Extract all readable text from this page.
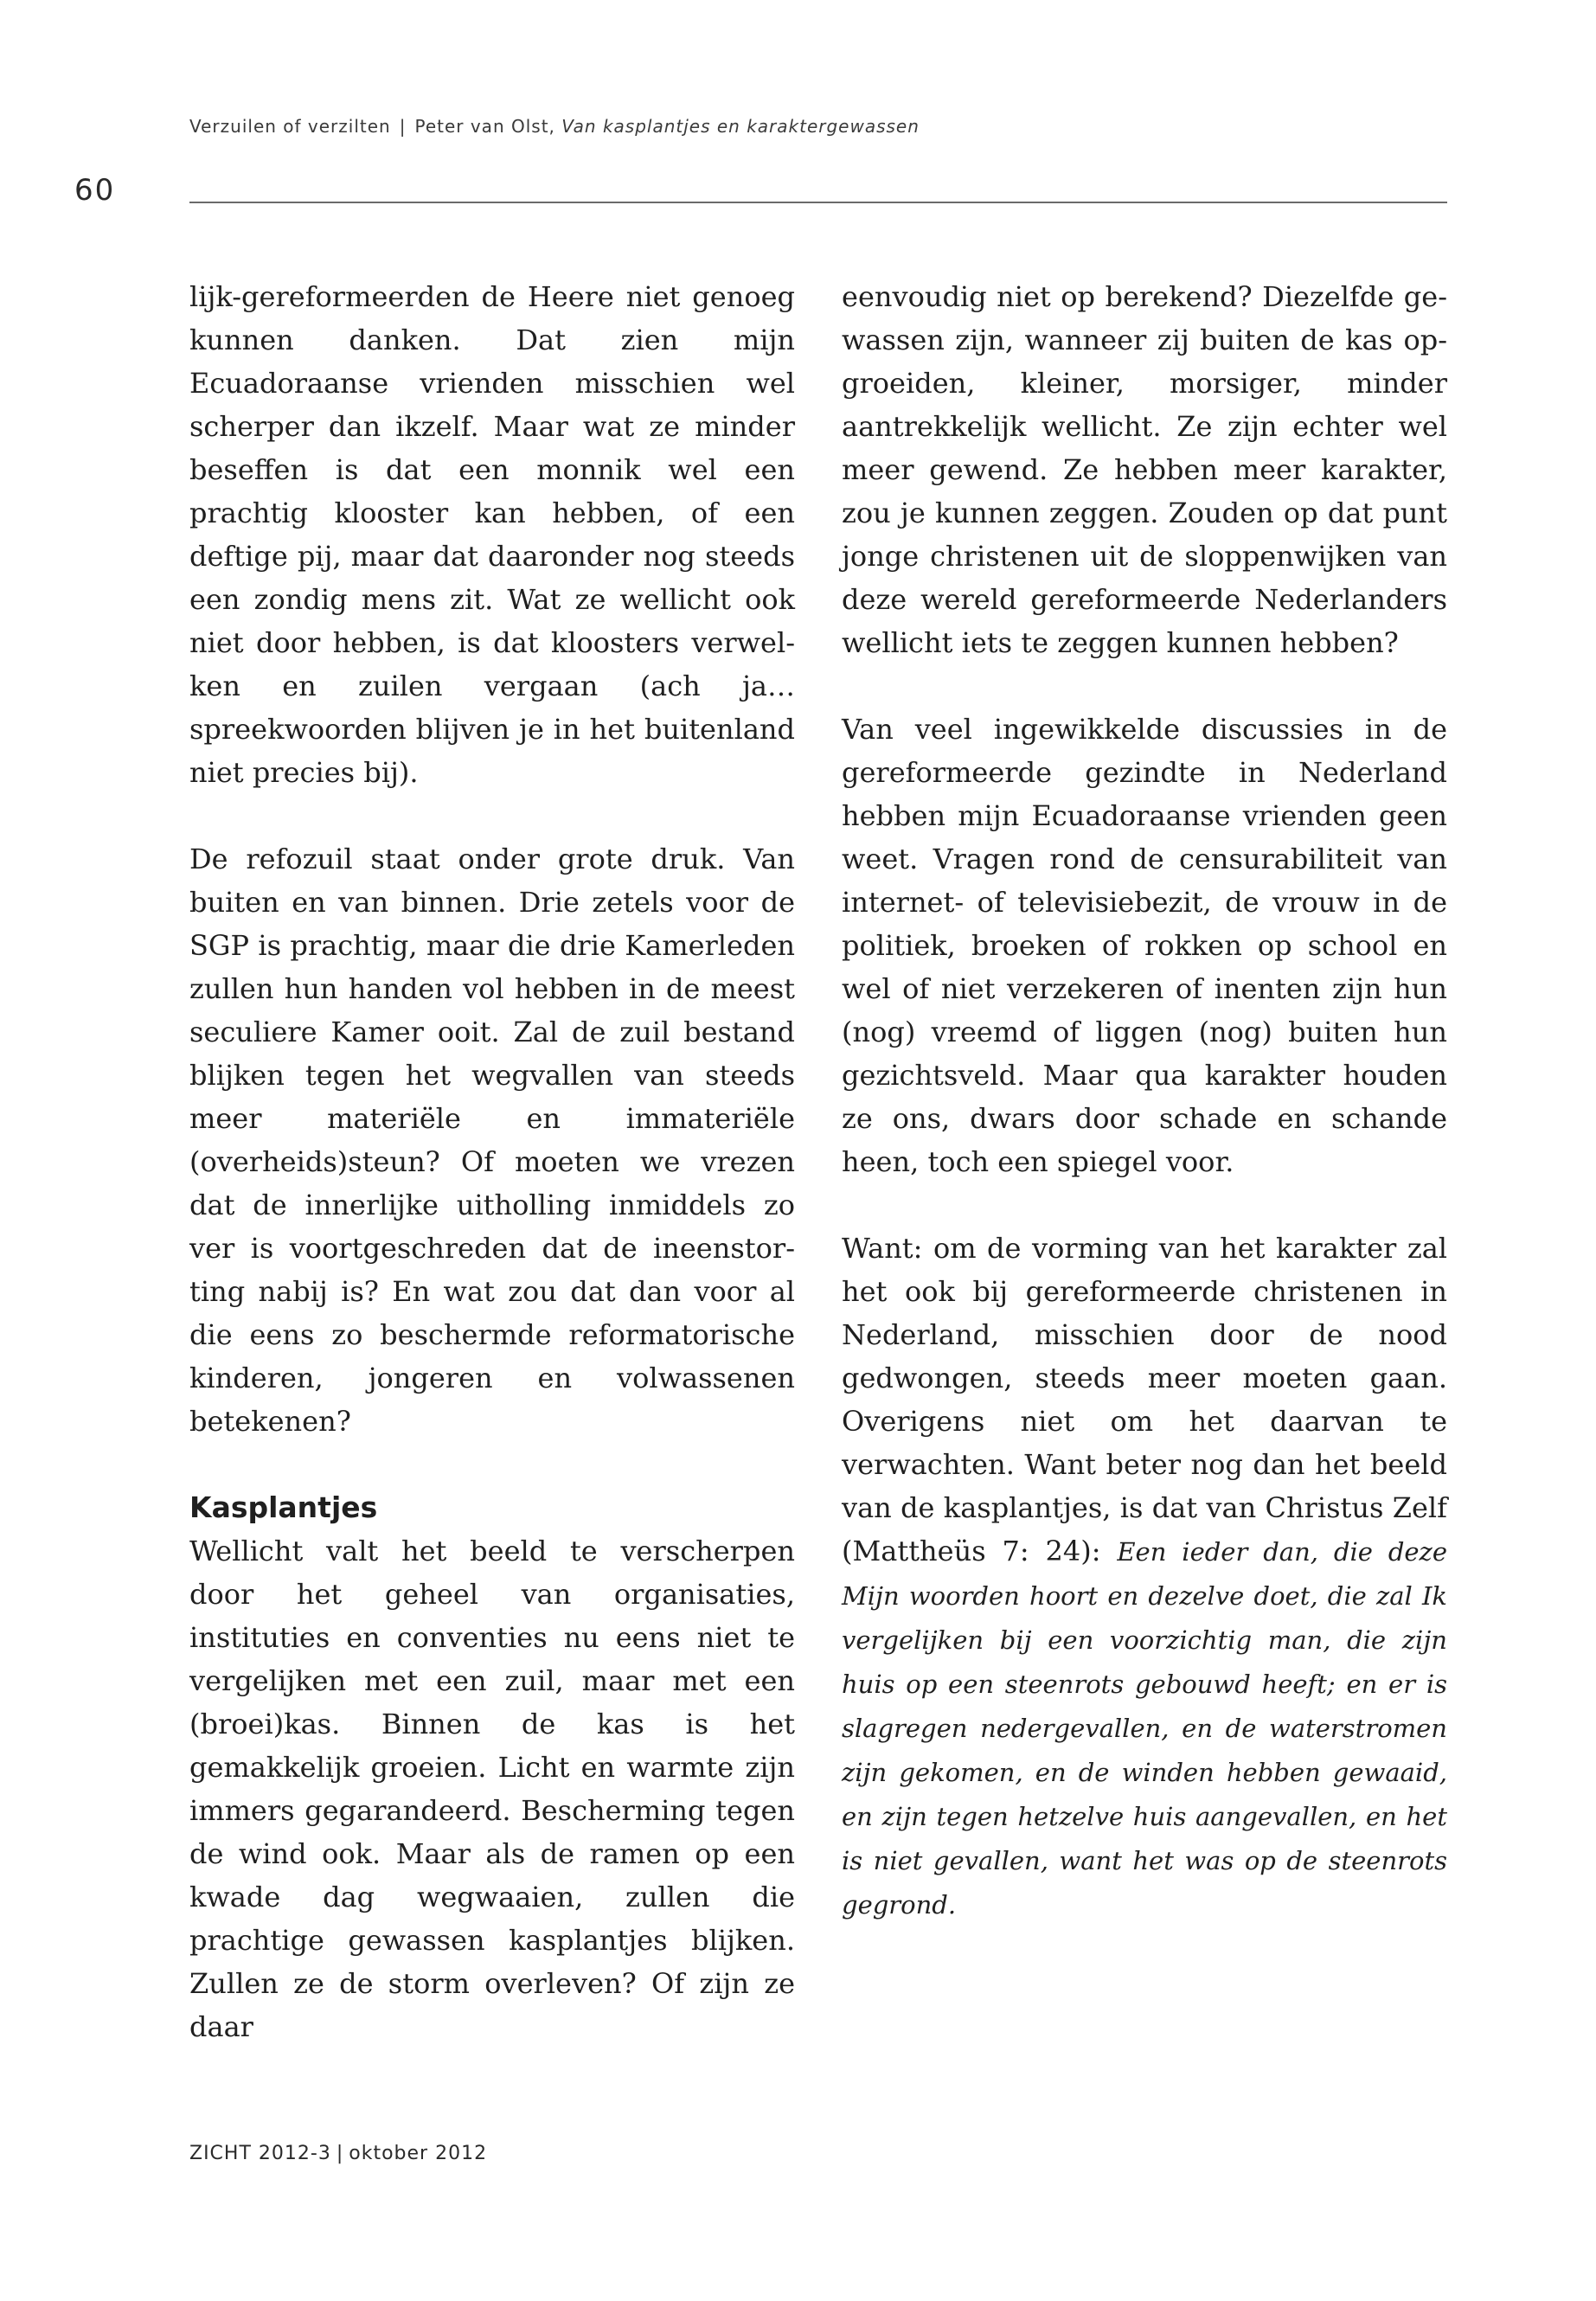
Verzuilen of verzilten | Peter van Olst, Van kasplantjes en karaktergewassen
60

lijk-gereformeerden de Heere niet genoeg kunnen danken. Dat zien mijn Ecuadoraanse vrienden misschien wel scherper dan ikzelf. Maar wat ze minder beseffen is dat een monnik wel een prachtig klooster kan hebben, of een deftige pij, maar dat daaronder nog steeds een zondig mens zit. Wat ze wellicht ook niet door hebben, is dat kloosters verwelken en zuilen vergaan (ach ja… spreekwoorden blijven je in het buitenland niet precies bij).

De refozuil staat onder grote druk. Van buiten en van binnen. Drie zetels voor de SGP is prachtig, maar die drie Kamerleden zullen hun handen vol hebben in de meest seculiere Kamer ooit. Zal de zuil bestand blijken tegen het wegvallen van steeds meer materiële en immateriële (overheids)steun? Of moeten we vrezen dat de innerlijke uitholling inmiddels zo ver is voortgeschreden dat de ineenstorting nabij is? En wat zou dat dan voor al die eens zo beschermde reformatorische kinderen, jongeren en volwassenen betekenen?

Kasplantjes

Wellicht valt het beeld te verscherpen door het geheel van organisaties, instituties en conventies nu eens niet te vergelijken met een zuil, maar met een (broei)kas. Binnen de kas is het gemakkelijk groeien. Licht en warmte zijn immers gegarandeerd. Bescherming tegen de wind ook. Maar als de ramen op een kwade dag wegwaaien, zullen die prachtige gewassen kasplantjes blijken. Zullen ze de storm overleven? Of zijn ze daar

eenvoudig niet op berekend? Diezelfde gewassen zijn, wanneer zij buiten de kas opgroeiden, kleiner, morsiger, minder aantrekkelijk wellicht. Ze zijn echter wel meer gewend. Ze hebben meer karakter, zou je kunnen zeggen. Zouden op dat punt jonge christenen uit de sloppenwijken van deze wereld gereformeerde Nederlanders wellicht iets te zeggen kunnen hebben?

Van veel ingewikkelde discussies in de gereformeerde gezindte in Nederland hebben mijn Ecuadoraanse vrienden geen weet. Vragen rond de censurabiliteit van internet- of televisiebezit, de vrouw in de politiek, broeken of rokken op school en wel of niet verzekeren of inenten zijn hun (nog) vreemd of liggen (nog) buiten hun gezichtsveld. Maar qua karakter houden ze ons, dwars door schade en schande heen, toch een spiegel voor.

Want: om de vorming van het karakter zal het ook bij gereformeerde christenen in Nederland, misschien door de nood gedwongen, steeds meer moeten gaan. Overigens niet om het daarvan te verwachten. Want beter nog dan het beeld van de kasplantjes, is dat van Christus Zelf (Mattheüs 7: 24): Een ieder dan, die deze Mijn woorden hoort en dezelve doet, die zal Ik vergelijken bij een voorzichtig man, die zijn huis op een steenrots gebouwd heeft; en er is slagregen nedergevallen, en de waterstromen zijn gekomen, en de winden hebben gewaaid, en zijn tegen hetzelve huis aangevallen, en het is niet gevallen, want het was op de steenrots gegrond.

ZICHT 2012-3 | oktober 2012
